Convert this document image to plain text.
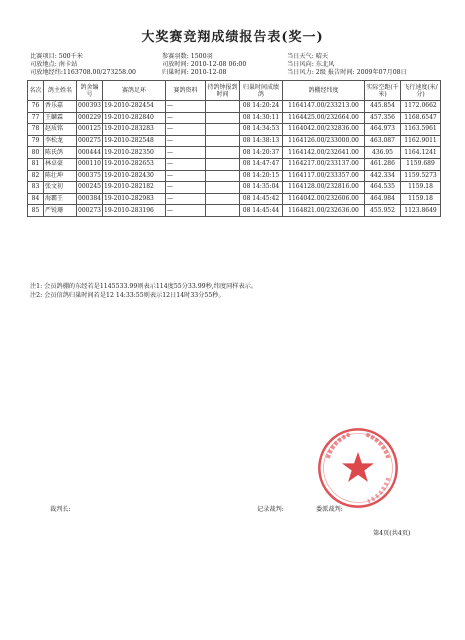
大奖赛竞翔成绩报告表(奖一)
比赛项目: 500千米
司放地点: 南卡站
司放地经纬:1163708.00/273258.00
参赛羽数: 1500羽
司放时间: 2010-12-08 06:00
归巢时间: 2010-12-08
当日天气: 晴天
当日风向: 东北风
当日风力: 2级 报告时间: 2009年07月08日
名次	鸽主姓名	鸽舍编号	赛鸽足环	赛鸽资料	持鸽钟报到时间	归巢时间成绩鸽	鸽棚经纬度	实际空距(千米)	飞行速度(米/分)
76	香乐嘉	000393	19-2010-282454	—		08 14:20:24	1164147.00/233213.00	445.854	1172.0662
77	王麟霖	000229	19-2010-282840	—		08 14:30:11	1164425.00/232664.00	457.356	1168.6547
78	赵质铭	000125	19-2010-283283	—		08 14:34:53	1164042.00/232836.00	464.973	1163.5961
79	李松龙	000275	19-2010-282548	—		08 14:38:13	1164126.00/233000.00	463.087	1162.9011
80	陈氏鸽	000444	19-2010-282350	—		08 14:20:37	1164142.00/232641.00	436.95	1164.1241
81	林卓豪	000110	19-2010-282653	—		08 14:47:47	1164217.00/233137.00	461.286	1159.689
82	陈壮坤	000375	19-2010-282430	—		08 14:20:15	1164117.00/233357.00	442.334	1159.5273
83	张文初	000245	19-2010-282182	—		08 14:35:04	1164128.00/232816.00	464.535	1159.18
84	海霸王	000384	19-2010-282983	—		08 14:45:42	1164042.00/232606.00	464.984	1159.18
85	严锐珊	000273	19-2010-283196	—		08 14:45:44	1164821.00/232636.00	455.952	1123.8649
注1: 会员鸽棚的东经若是1145533.99则表示114度55分33.99秒,纬度同样表示。
注2: 会员信鸽归巢时间若是12 14:33:55则表示12日14时33分55秒。
裁判长:	记录裁判:	委派裁判:
第4页(共4页)
